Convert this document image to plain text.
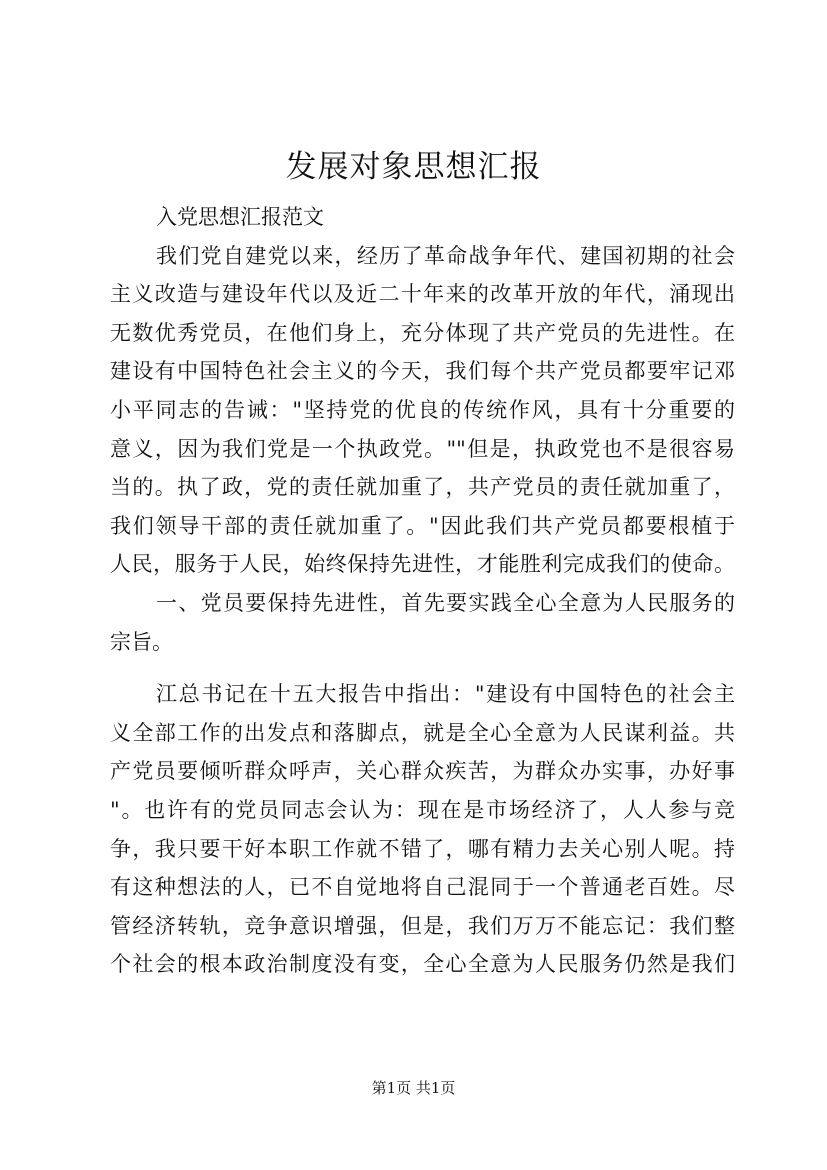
发展对象思想汇报
入党思想汇报范文
我们党自建党以来，经历了革命战争年代、建国初期的社会
主义改造与建设年代以及近二十年来的改革开放的年代，涌现出
无数优秀党员，在他们身上，充分体现了共产党员的先进性。在
建设有中国特色社会主义的今天，我们每个共产党员都要牢记邓
小平同志的告诫："坚持党的优良的传统作风，具有十分重要的
意义，因为我们党是一个执政党。""但是，执政党也不是很容易
当的。执了政，党的责任就加重了，共产党员的责任就加重了，
我们领导干部的责任就加重了。"因此我们共产党员都要根植于
人民，服务于人民，始终保持先进性，才能胜利完成我们的使命。
一、党员要保持先进性，首先要实践全心全意为人民服务的
宗旨。
江总书记在十五大报告中指出："建设有中国特色的社会主
义全部工作的出发点和落脚点，就是全心全意为人民谋利益。共
产党员要倾听群众呼声，关心群众疾苦，为群众办实事，办好事
"。也许有的党员同志会认为：现在是市场经济了，人人参与竞
争，我只要干好本职工作就不错了，哪有精力去关心别人呢。持
有这种想法的人，已不自觉地将自己混同于一个普通老百姓。尽
管经济转轨，竞争意识增强，但是，我们万万不能忘记：我们整
个社会的根本政治制度没有变，全心全意为人民服务仍然是我们
第1页 共1页
